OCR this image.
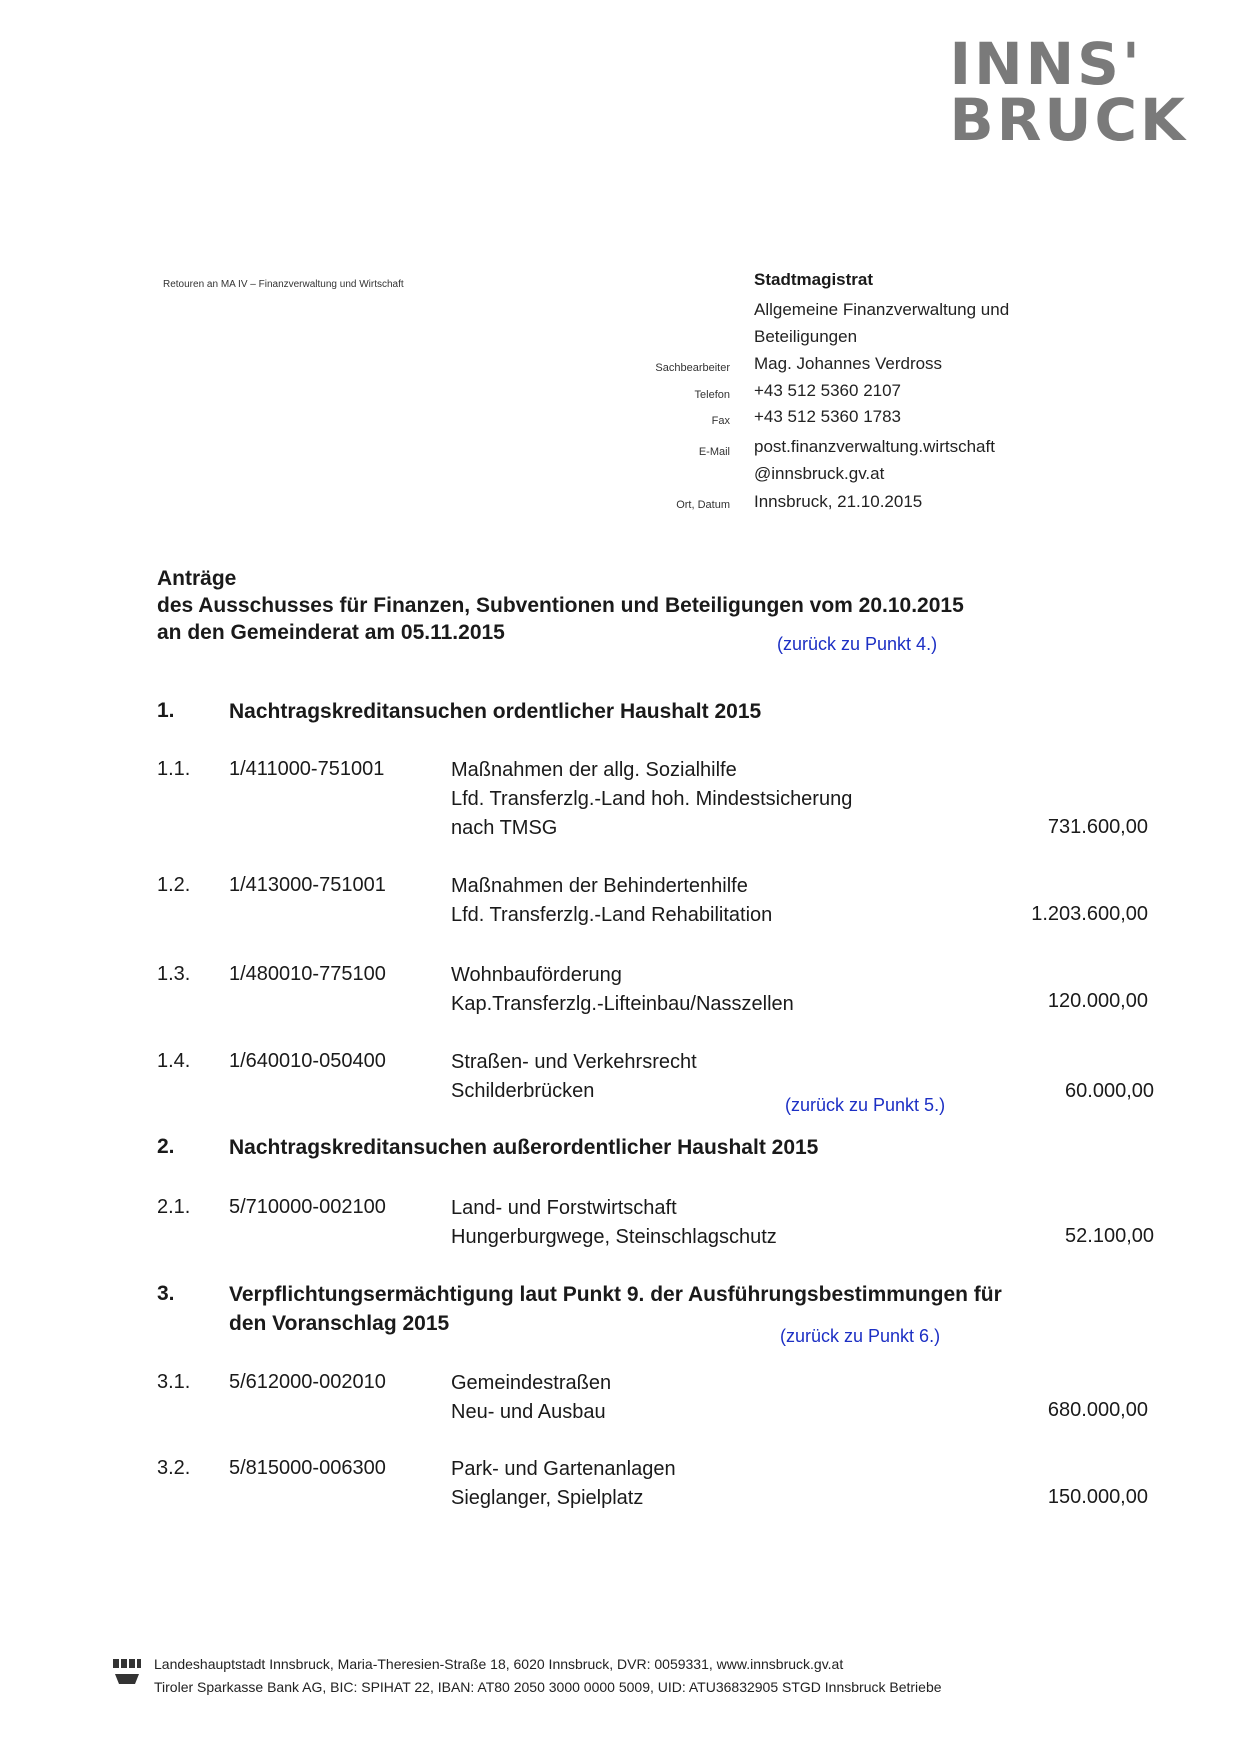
INNS'
BRUCK
Retouren an MA IV – Finanzverwaltung und Wirtschaft	Stadtmagistrat
Allgemeine Finanzverwaltung und
Beteiligungen
Sachbearbeiter Mag. Johannes Verdross
Telefon +43 512 5360 2107
Fax +43 512 5360 1783
E-Mail post.finanzverwaltung.wirtschaft
@innsbruck.gv.at
Ort, Datum Innsbruck, 21.10.2015
Anträge
des Ausschusses für Finanzen, Subventionen und Beteiligungen vom 20.10.2015
an den Gemeinderat am 05.11.2015	(zurück zu Punkt 4.)
1.	Nachtragskreditansuchen ordentlicher Haushalt 2015
1.1. 1/411000-751001	Maßnahmen der allg. Sozialhilfe
Lfd. Transferzlg.-Land hoh. Mindestsicherung
nach TMSG	731.600,00
1.2. 1/413000-751001	Maßnahmen der Behindertenhilfe
Lfd. Transferzlg.-Land Rehabilitation	1.203.600,00
1.3. 1/480010-775100	Wohnbauförderung
Kap.Transferzlg.-Lifteinbau/Nasszellen	120.000,00
1.4. 1/640010-050400	Straßen- und Verkehrsrecht
Schilderbrücken	60.000,00
(zurück zu Punkt 5.)
2.	Nachtragskreditansuchen außerordentlicher Haushalt 2015
2.1. 5/710000-002100	Land- und Forstwirtschaft
Hungerburgwege, Steinschlagschutz	52.100,00
3.	Verpflichtungsermächtigung laut Punkt 9. der Ausführungsbestimmungen für
den Voranschlag 2015
(zurück zu Punkt 6.)
3.1. 5/612000-002010	Gemeindestraßen
Neu- und Ausbau	680.000,00
3.2. 5/815000-006300	Park- und Gartenanlagen
Sieglanger, Spielplatz	150.000,00
Landeshauptstadt Innsbruck, Maria-Theresien-Straße 18, 6020 Innsbruck, DVR: 0059331, www.innsbruck.gv.at
Tiroler Sparkasse Bank AG, BIC: SPIHAT 22, IBAN: AT80 2050 3000 0000 5009, UID: ATU36832905 STGD Innsbruck Betriebe
